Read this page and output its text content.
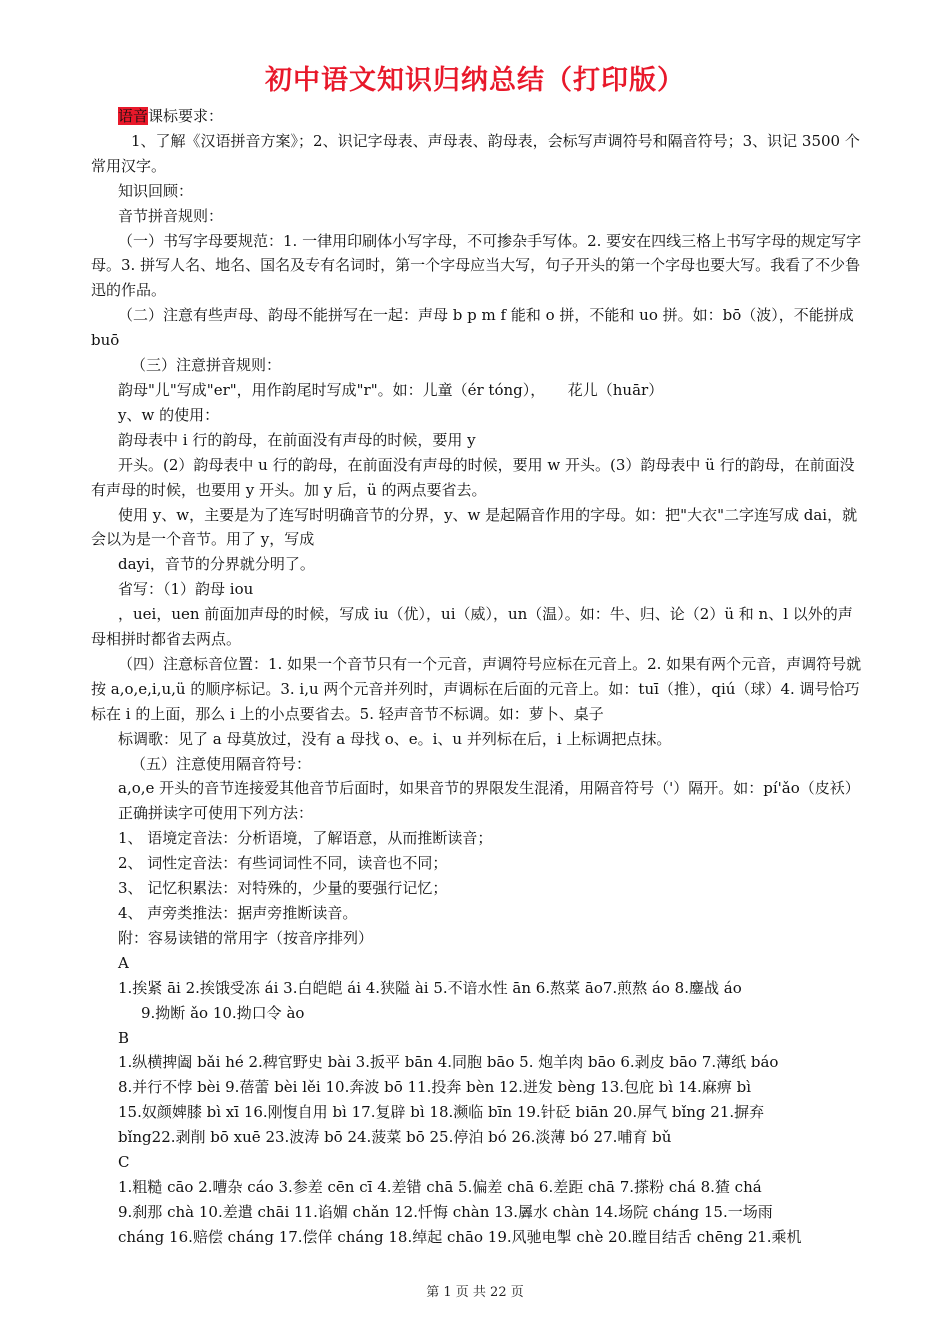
初中语文知识归纳总结（打印版）

语音课标要求：

1、了解《汉语拼音方案》；2、识记字母表、声母表、韵母表，会标写声调符号和隔音符号；3、识记 3500 个常用汉字。

知识回顾：

音节拼音规则：

（一）书写字母要规范：1. 一律用印刷体小写字母，不可掺杂手写体。2. 要安在四线三格上书写字母的规定写字母。3. 拼写人名、地名、国名及专有名词时，第一个字母应当大写，句子开头的第一个字母也要大写。我看了不少鲁迅的作品。

（二）注意有些声母、韵母不能拼写在一起：声母 b p m f 能和 o 拼，不能和 uo 拼。如：bō（波），不能拼成 buō

（三）注意拼音规则：

韵母"儿"写成"er"，用作韵尾时写成"r"。如：儿童（ér tóng），　　花儿（huār）

y、w 的使用：

韵母表中 i 行的韵母，在前面没有声母的时候，要用 y

开头。(2）韵母表中 u 行的韵母，在前面没有声母的时候，要用 w 开头。(3）韵母表中 ü 行的韵母，在前面没有声母的时候，也要用 y 开头。加 y 后，ü 的两点要省去。

使用 y、w，主要是为了连写时明确音节的分界，y、w 是起隔音作用的字母。如：把"大衣"二字连写成 dai，就会以为是一个音节。用了 y，写成

dayi，音节的分界就分明了。

省写：（1）韵母 iou

，uei，uen 前面加声母的时候，写成 iu（优），ui（威），un（温）。如：牛、归、论（2）ü 和 n、l 以外的声母相拼时都省去两点。

（四）注意标音位置：1. 如果一个音节只有一个元音，声调符号应标在元音上。2. 如果有两个元音，声调符号就按 a,o,e,i,u,ü 的顺序标记。3. i,u 两个元音并列时，声调标在后面的元音上。如：tuī（推），qiú（球）4. 调号恰巧标在 i 的上面，那么 i 上的小点要省去。5. 轻声音节不标调。如：萝卜、桌子

标调歌：见了 a 母莫放过，没有 a 母找 o、e。i、u 并列标在后，i 上标调把点抹。

（五）注意使用隔音符号：

a,o,e 开头的音节连接爱其他音节后面时，如果音节的界限发生混淆，用隔音符号（'）隔开。如：pí'ǎo（皮袄）

正确拼读字可使用下列方法：

1、 语境定音法：分析语境，了解语意，从而推断读音；

2、 词性定音法：有些词词性不同，读音也不同；

3、 记忆积累法：对特殊的，少量的要强行记忆；

4、 声旁类推法：据声旁推断读音。

附：容易读错的常用字（按音序排列）

A

1.挨紧 āi 2.挨饿受冻 ái 3.白皑皑 ái 4.狭隘 ài 5.不谙水性 ān 6.熬菜 āo7.煎熬 áo 8.鏖战 áo

9.拗断 ǎo 10.拗口令 ào

B

1.纵横捭阖 bǎi hé 2.稗官野史 bài 3.扳平 bān 4.同胞 bāo 5. 炮羊肉 bāo 6.剥皮 bāo 7.薄纸 báo

8.并行不悖 bèi 9.蓓蕾 bèi lěi 10.奔波 bō 11.投奔 bèn 12.迸发 bèng 13.包庇 bì 14.麻痹 bì

15.奴颜婢膝 bì xī 16.刚愎自用 bì 17.复辟 bì 18.濒临 bīn 19.针砭 biān 20.屏气 bǐng 21.摒弃

bǐng22.剥削 bō xuē 23.波涛 bō 24.菠菜 bō 25.停泊 bó 26.淡薄 bó 27.哺育 bǔ

C

1.粗糙 cāo 2.嘈杂 cáo 3.参差 cēn cī 4.差错 chā 5.偏差 chā 6.差距 chā 7.搽粉 chá 8.猹 chá

9.刹那 chà 10.差遣 chāi 11.谄媚 chǎn 12.忏悔 chàn 13.羼水 chàn 14.场院 cháng 15.一场雨

cháng 16.赔偿 cháng 17.偿佯 cháng 18.绰起 chāo 19.风驰电掣 chè 20.瞠目结舌 chēng 21.乘机

第 1 页 共 22 页
